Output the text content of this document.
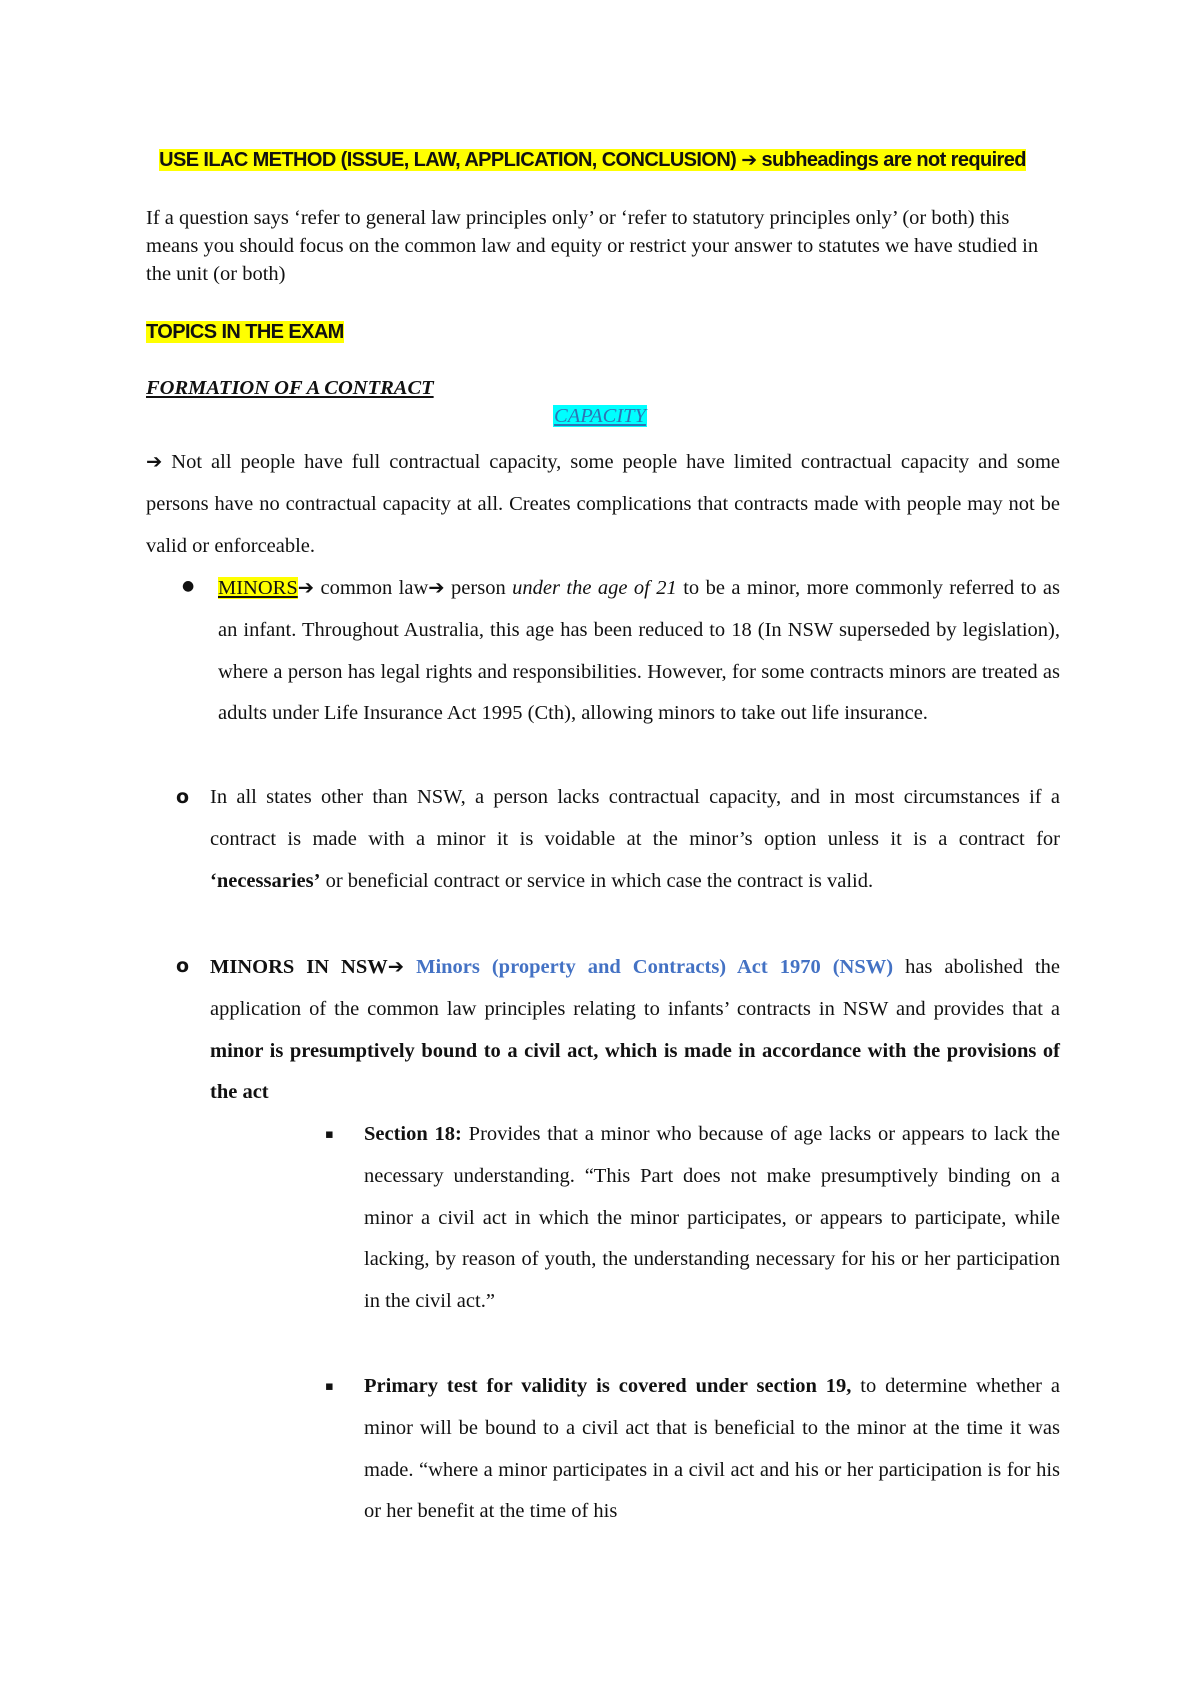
USE ILAC METHOD (ISSUE, LAW, APPLICATION, CONCLUSION) ➔ subheadings are not required
If a question says ‘refer to general law principles only’ or ‘refer to statutory principles only’ (or both) this means you should focus on the common law and equity or restrict your answer to statutes we have studied in the unit (or both)
TOPICS IN THE EXAM
FORMATION OF A CONTRACT
CAPACITY
➔ Not all people have full contractual capacity, some people have limited contractual capacity and some persons have no contractual capacity at all. Creates complications that contracts made with people may not be valid or enforceable.
● MINORS➔ common law➔ person under the age of 21 to be a minor, more commonly referred to as an infant. Throughout Australia, this age has been reduced to 18 (In NSW superseded by legislation), where a person has legal rights and responsibilities. However, for some contracts minors are treated as adults under Life Insurance Act 1995 (Cth), allowing minors to take out life insurance.
o In all states other than NSW, a person lacks contractual capacity, and in most circumstances if a contract is made with a minor it is voidable at the minor’s option unless it is a contract for ‘necessaries’ or beneficial contract or service in which case the contract is valid.
o MINORS IN NSW➔ Minors (property and Contracts) Act 1970 (NSW) has abolished the application of the common law principles relating to infants’ contracts in NSW and provides that a minor is presumptively bound to a civil act, which is made in accordance with the provisions of the act
▪ Section 18: Provides that a minor who because of age lacks or appears to lack the necessary understanding. “This Part does not make presumptively binding on a minor a civil act in which the minor participates, or appears to participate, while lacking, by reason of youth, the understanding necessary for his or her participation in the civil act.”
▪ Primary test for validity is covered under section 19, to determine whether a minor will be bound to a civil act that is beneficial to the minor at the time it was made. “where a minor participates in a civil act and his or her participation is for his or her benefit at the time of his
